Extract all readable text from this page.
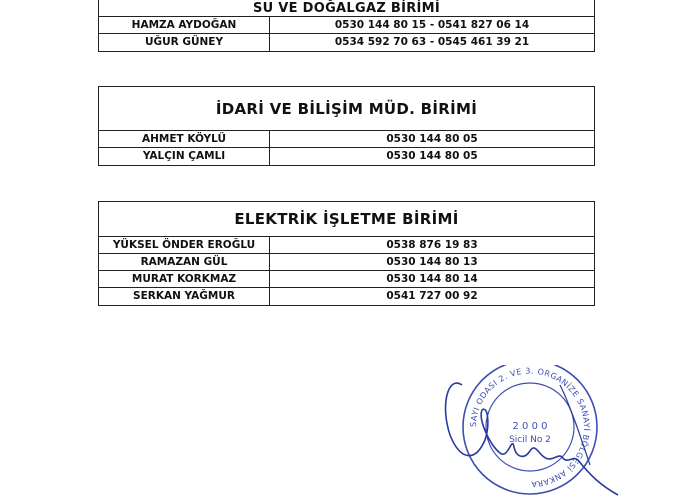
SU VE DOĞALGAZ BİRİMİ
HAMZA AYDOĞAN	0530 144 80 15 - 0541 827 06 14
UĞUR GÜNEY	0534 592 70 63 - 0545 461 39 21
İDARİ VE BİLİŞİM MÜD. BİRİMİ
AHMET KÖYLÜ	0530 144 80 05
YALÇIN ÇAMLI	0530 144 80 05
ELEKTRİK İŞLETME BİRİMİ
YÜKSEL ÖNDER EROĞLU	0538 876 19 83
RAMAZAN GÜL	0530 144 80 13
MURAT KORKMAZ	0530 144 80 14
SERKAN YAĞMUR	0541 727 00 92
SAYI ODASI 2. VE 3. ORGANİZE SANAYİ BÖLGESİ ANKARA
2 0 0 0
Sicil No 2
